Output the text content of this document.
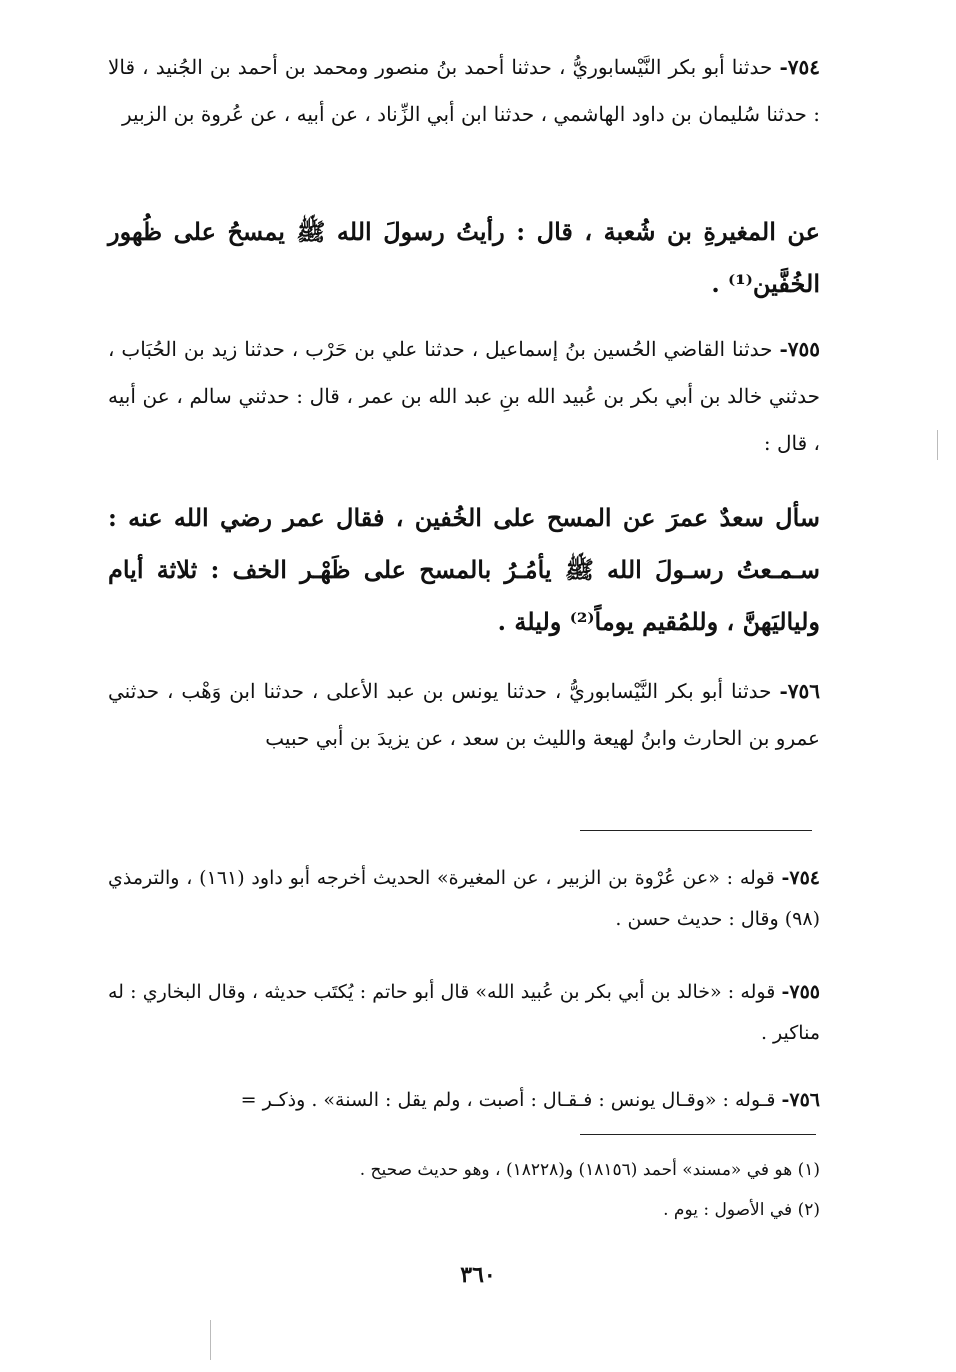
٧٥٤- حدثنا أبو بكر النَّيْسابوريُّ ، حدثنا أحمد بنُ منصور ومحمد بن أحمد بن الجُنيد ، قالا : حدثنا سُليمان بن داود الهاشمي ، حدثنا ابن أبي الزِّناد ، عن أبيه ، عن عُروة بن الزبير

عن المغيرةِ بن شُعبة ، قال : رأيتُ رسولَ الله ﷺ يمسحُ على ظُهور الخُفَّين⁽¹⁾ .

٧٥٥- حدثنا القاضي الحُسين بنُ إسماعيل ، حدثنا علي بن حَرْب ، حدثنا زيد بن الحُبَاب ، حدثني خالد بن أبي بكر بن عُبيد الله بنِ عبد الله بن عمر ، قال : حدثني سالم ، عن أبيه ، قال :

سأل سعدٌ عمرَ عن المسح على الخُفين ، فقال عمر رضي الله عنه : سـمـعتُ رسـولَ الله ﷺ يأمُـرُ بالمسح على ظَهْـر الخف : ثلاثة أيام ولياليَهنَّ ، وللمُقيم يوماً⁽²⁾ وليلة .

٧٥٦- حدثنا أبو بكر النَّيْسابوريُّ ، حدثنا يونس بن عبد الأعلى ، حدثنا ابن وَهْب ، حدثني عمرو بن الحارث وابنُ لهيعة والليث بن سعد ، عن يزيدَ بن أبي حبيب

٧٥٤- قوله : «عن عُرْوة بن الزبير ، عن المغيرة» الحديث أخرجه أبو داود (١٦١) ، والترمذي (٩٨) وقال : حديث حسن .

٧٥٥- قوله : «خالد بن أبي بكر بن عُبيد الله» قال أبو حاتم : يُكتَب حديثه ، وقال البخاري : له مناكير .

٧٥٦- قـوله : «وقـال يونس : فـقـال : أصبت ، ولم يقل : السنة» . وذكـر =

(١) هو في «مسند» أحمد (١٨١٥٦) و(١٨٢٢٨) ، وهو حديث صحيح .

(٢) في الأصول : يوم .

٣٦٠
